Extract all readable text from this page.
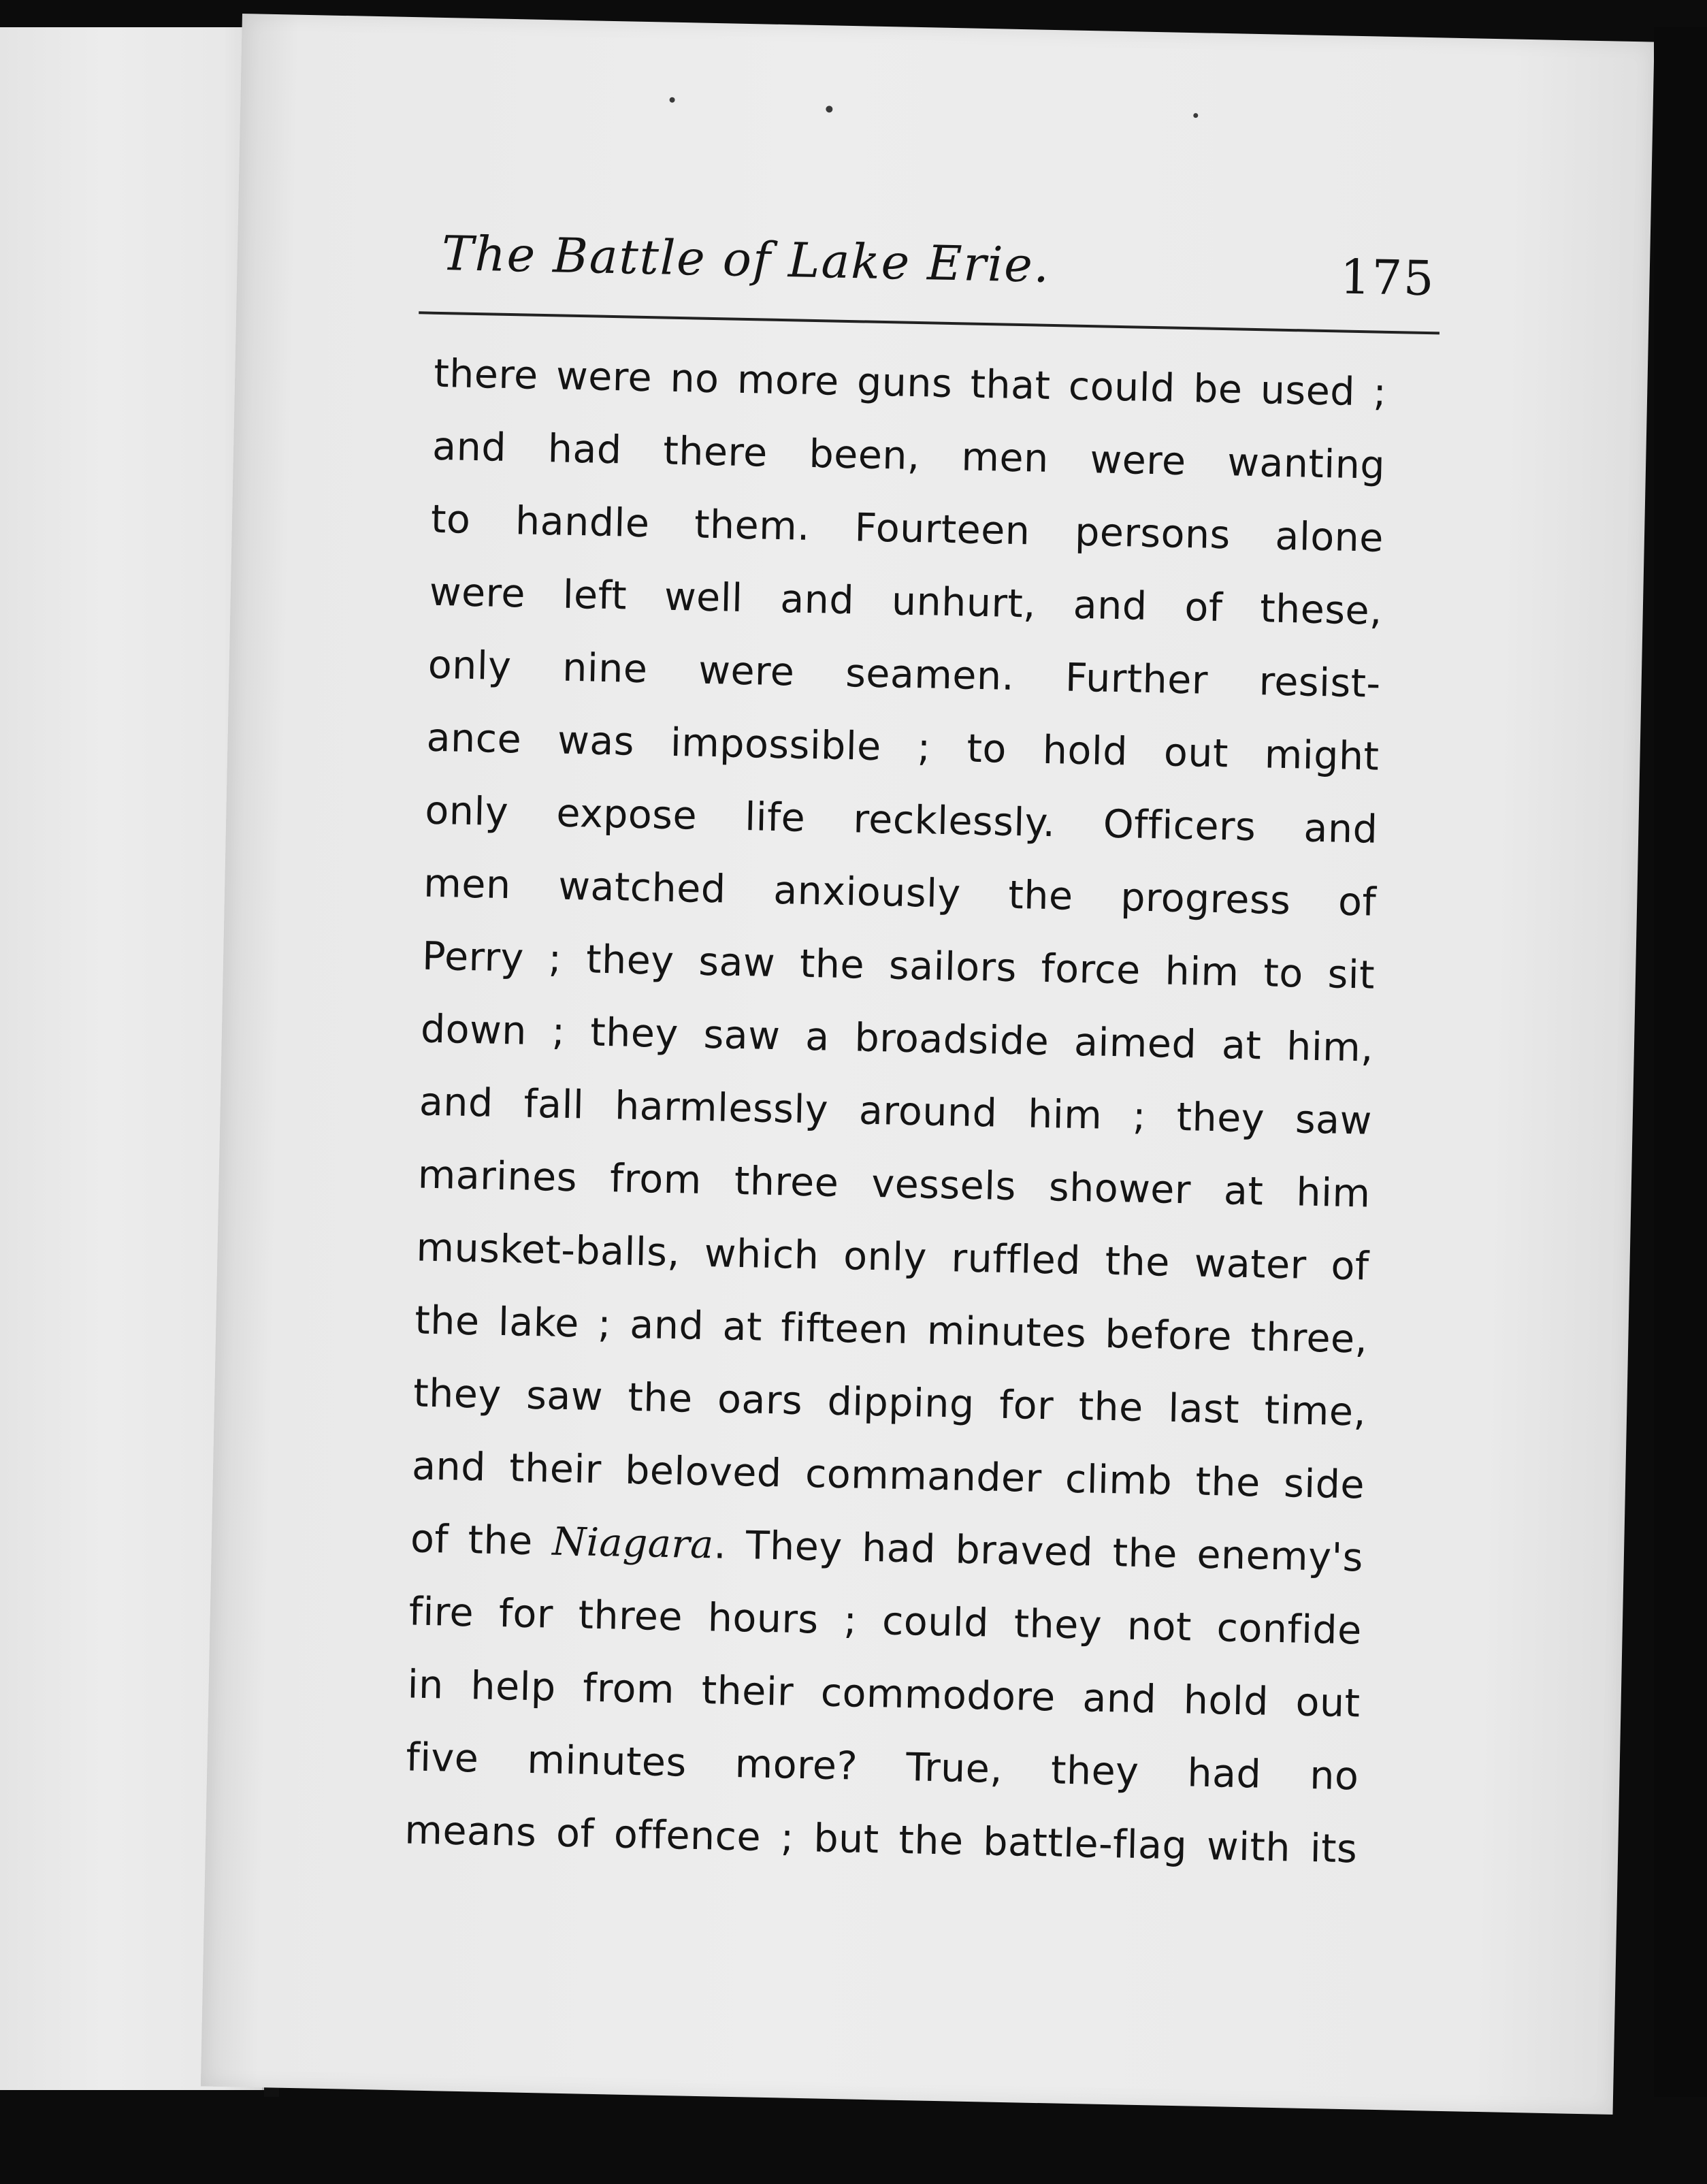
The Battle of Lake Erie.	175
there were no more guns that could be used ;
and had there been, men were wanting
to handle them. Fourteen persons alone
were left well and unhurt, and of these,
only nine were seamen. Further resist-
ance was impossible ; to hold out might
only expose life recklessly. Officers and
men watched anxiously the progress of
Perry ; they saw the sailors force him to sit
down ; they saw a broadside aimed at him,
and fall harmlessly around him ; they saw
marines from three vessels shower at him
musket-balls, which only ruffled the water of
the lake ; and at fifteen minutes before three,
they saw the oars dipping for the last time,
and their beloved commander climb the side
of the Niagara. They had braved the enemy's
fire for three hours ; could they not confide
in help from their commodore and hold out
five minutes more? True, they had no
means of offence ; but the battle-flag with its
